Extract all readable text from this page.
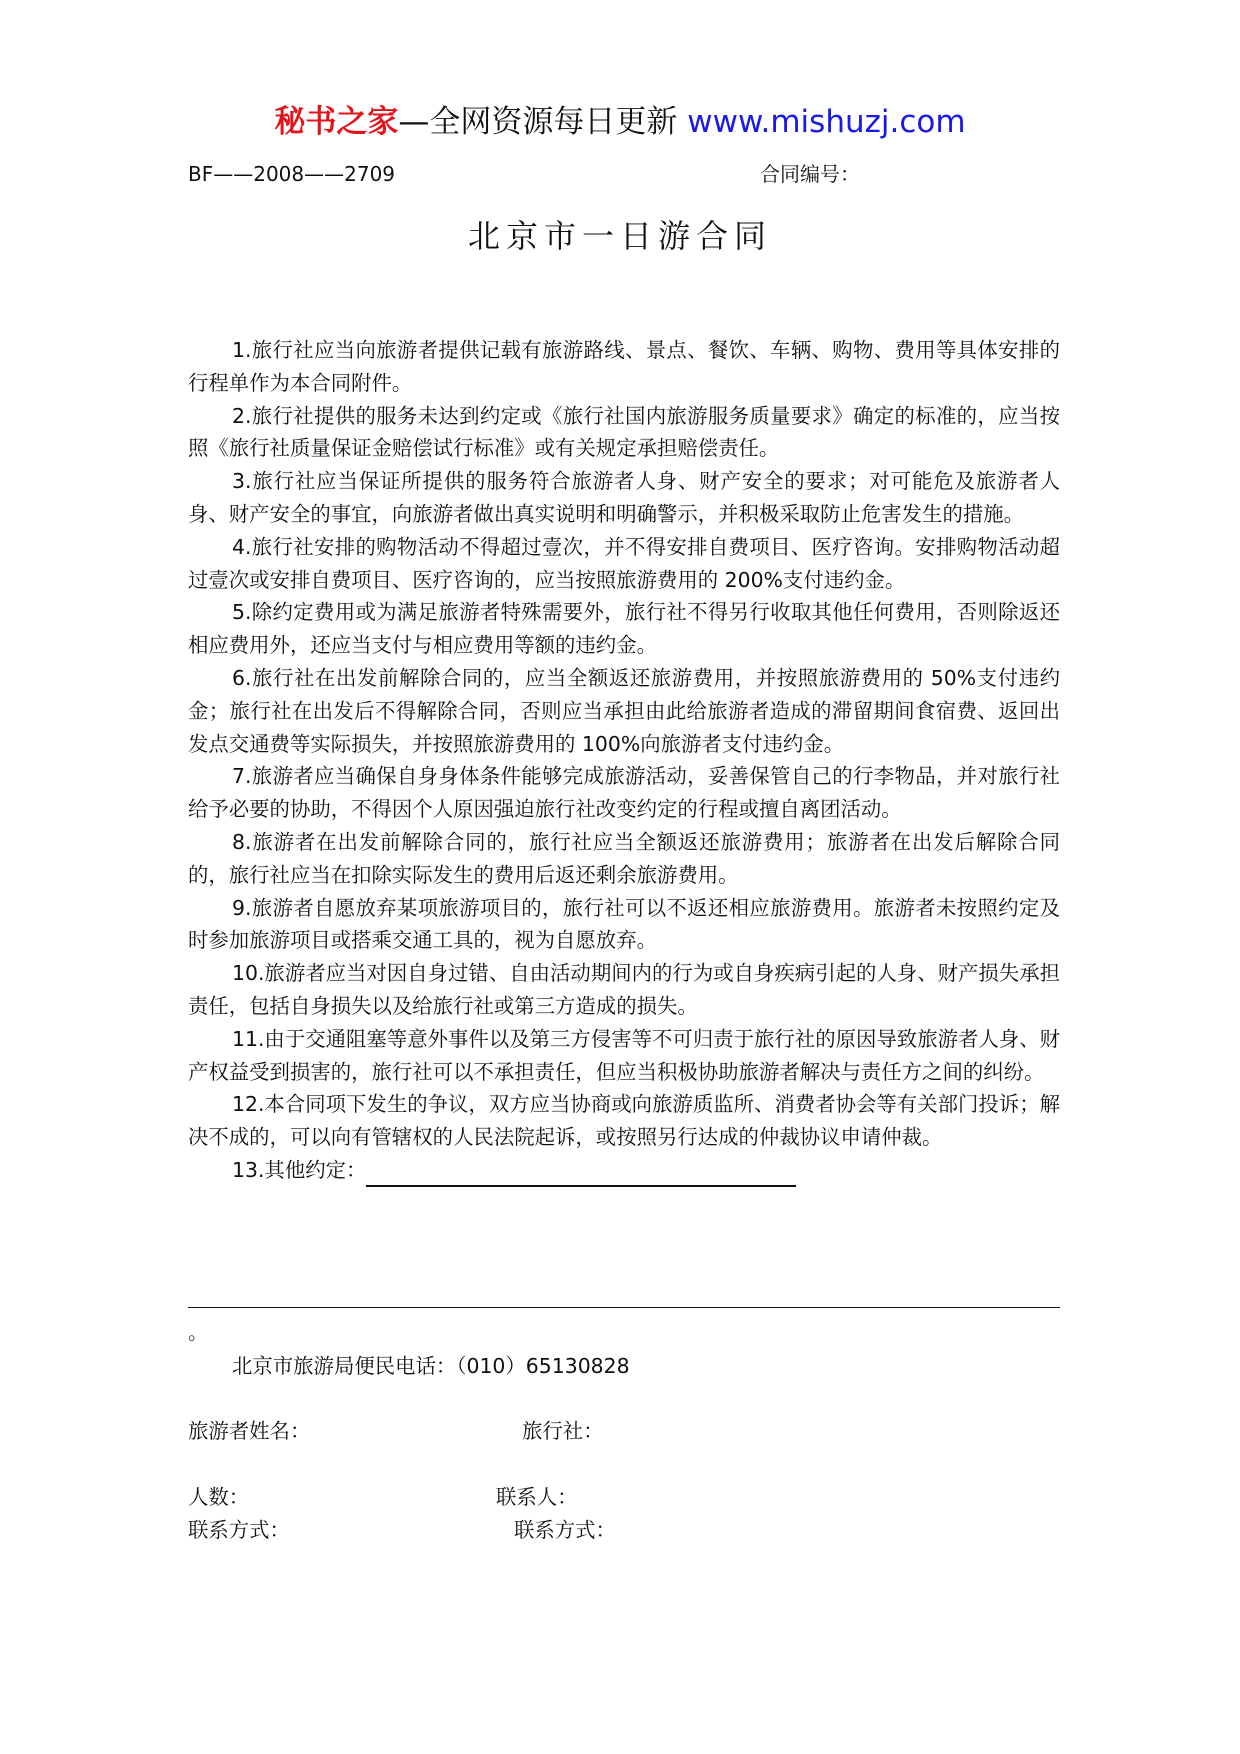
秘书之家—全网资源每日更新 www.mishuzj.com
BF——2008——2709	合同编号：
北京市一日游合同

1.旅行社应当向旅游者提供记载有旅游路线、景点、餐饮、车辆、购物、费用等具体安排的行程单作为本合同附件。

2.旅行社提供的服务未达到约定或《旅行社国内旅游服务质量要求》确定的标准的，应当按照《旅行社质量保证金赔偿试行标准》或有关规定承担赔偿责任。

3.旅行社应当保证所提供的服务符合旅游者人身、财产安全的要求；对可能危及旅游者人身、财产安全的事宜，向旅游者做出真实说明和明确警示，并积极采取防止危害发生的措施。

4.旅行社安排的购物活动不得超过壹次，并不得安排自费项目、医疗咨询。安排购物活动超过壹次或安排自费项目、医疗咨询的，应当按照旅游费用的 200%支付违约金。

5.除约定费用或为满足旅游者特殊需要外，旅行社不得另行收取其他任何费用，否则除返还相应费用外，还应当支付与相应费用等额的违约金。

6.旅行社在出发前解除合同的，应当全额返还旅游费用，并按照旅游费用的 50%支付违约金；旅行社在出发后不得解除合同，否则应当承担由此给旅游者造成的滞留期间食宿费、返回出发点交通费等实际损失，并按照旅游费用的 100%向旅游者支付违约金。

7.旅游者应当确保自身身体条件能够完成旅游活动，妥善保管自己的行李物品，并对旅行社给予必要的协助，不得因个人原因强迫旅行社改变约定的行程或擅自离团活动。

8.旅游者在出发前解除合同的，旅行社应当全额返还旅游费用；旅游者在出发后解除合同的，旅行社应当在扣除实际发生的费用后返还剩余旅游费用。

9.旅游者自愿放弃某项旅游项目的，旅行社可以不返还相应旅游费用。旅游者未按照约定及时参加旅游项目或搭乘交通工具的，视为自愿放弃。

10.旅游者应当对因自身过错、自由活动期间内的行为或自身疾病引起的人身、财产损失承担责任，包括自身损失以及给旅行社或第三方造成的损失。

11.由于交通阻塞等意外事件以及第三方侵害等不可归责于旅行社的原因导致旅游者人身、财产权益受到损害的，旅行社可以不承担责任，但应当积极协助旅游者解决与责任方之间的纠纷。

12.本合同项下发生的争议，双方应当协商或向旅游质监所、消费者协会等有关部门投诉；解决不成的，可以向有管辖权的人民法院起诉，或按照另行达成的仲裁协议申请仲裁。

13.其他约定：

。
北京市旅游局便民电话：（010）65130828
旅游者姓名：	旅行社：
人数：	联系人：
联系方式：	联系方式：
